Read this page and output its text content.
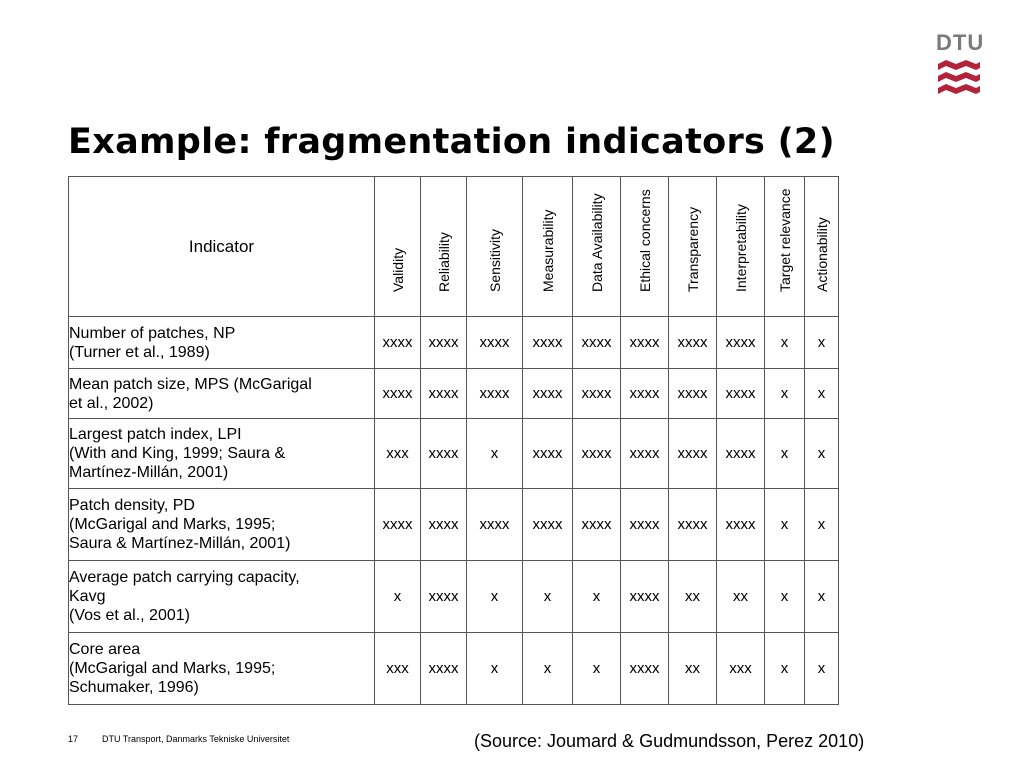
DTU
Example: fragmentation indicators (2)
Indicator	Validity	Reliability	Sensitivity	Measurability	Data Availability	Ethical concerns	Transparency	Interpretability	Target relevance	Actionability

Number of patches, NP
(Turner et al., 1989)	xxxx	xxxx	xxxx	xxxx	xxxx	xxxx	xxxx	xxxx	x	x

Mean patch size, MPS (McGarigal
et al., 2002)	xxxx	xxxx	xxxx	xxxx	xxxx	xxxx	xxxx	xxxx	x	x

Largest patch index, LPI
(With and King, 1999; Saura &
Martínez-Millán, 2001)	xxx	xxxx	x	xxxx	xxxx	xxxx	xxxx	xxxx	x	x

Patch density, PD
(McGarigal and Marks, 1995;
Saura & Martínez-Millán, 2001)	xxxx	xxxx	xxxx	xxxx	xxxx	xxxx	xxxx	xxxx	x	x

Average patch carrying capacity,
Kavg
(Vos et al., 2001)	x	xxxx	x	x	x	xxxx	xx	xx	x	x

Core area
(McGarigal and Marks, 1995;
Schumaker, 1996)	xxx	xxxx	x	x	x	xxxx	xx	xxx	x	x
17	DTU Transport, Danmarks Tekniske Universitet	(Source: Joumard & Gudmundsson, Perez 2010)
